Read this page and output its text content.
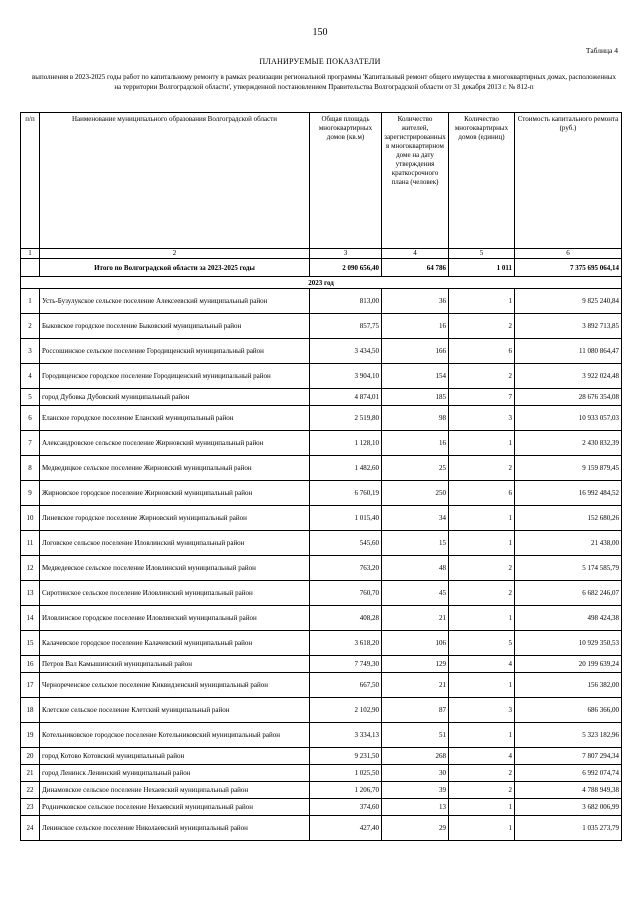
150
Таблица 4
ПЛАНИРУЕМЫЕ ПОКАЗАТЕЛИ
выполнения в 2023-2025 годы работ по капитальному ремонту в рамках реализации региональной программы 'Капитальный ремонт общего имущества в многоквартирных домах, расположенных на территории Волгоградской области', утвержденной постановлением Правительства Волгоградской области от 31 декабря 2013 г. № 812-п
п/п	Наименование муниципального образования Волгоградской области	Общая площадь многоквартирных домов (кв.м)	Количество жителей, зарегистрированных в многоквартирном доме на дату утверждения краткосрочного плана (человек)	Количество многоквартирных домов (единиц)	Стоимость капитального ремонта (руб.)
1	2	3	4	5	6
	Итого по Волгоградской области за 2023-2025 годы	2 090 656,40	64 786	1 011	7 375 695 064,14
2023 год					
1	Усть-Бузулукское сельское поселение Алексеевский муниципальный район	813,00	36	1	9 825 240,84
2	Быковское городское поселение Быковский муниципальный район	857,75	16	2	3 892 713,85
3	Россошинское сельское поселение Городищенский муниципальный район	3 434,50	166	6	11 080 864,47
4	Городищенское городское поселение Городищенский муниципальный район	3 904,10	154	2	3 922 024,48
5	город Дубовка Дубовский муниципальный район	4 874,01	185	7	28 676 354,08
6	Еланское городское поселение Еланский муниципальный район	2 519,80	98	3	10 933 057,03
7	Александровское сельское поселение Жирновский муниципальный район	1 128,10	16	1	2 430 832,39
8	Медведицкое сельское поселение Жирновский муниципальный район	1 482,60	25	2	9 159 879,45
9	Жирновское городское поселение Жирновский муниципальный район	6 760,19	250	6	16 992 484,52
10	Линевское городское поселение Жирновский муниципальный район	1 015,40	34	1	152 680,26
11	Логовское сельское поселение Иловлинский муниципальный район	545,60	15	1	21 438,00
12	Медведевское сельское поселение Иловлинский муниципальный район	763,20	48	2	5 174 585,79
13	Сиротинское сельское поселение Иловлинский муниципальный район	760,70	45	2	6 682 246,07
14	Иловлинское городское поселение Иловлинский муниципальный район	408,28	21	1	498 424,38
15	Калачевское городское поселение Калачевский муниципальный район	3 618,20	106	5	10 929 350,53
16	Петров Вал Камышинский муниципальный район	7 749,30	129	4	20 199 639,24
17	Чернореченское сельское поселение Киквидзенский муниципальный район	667,50	21	1	156 382,00
18	Клетское сельское поселение Клетский муниципальный район	2 102,90	87	3	686 366,00
19	Котельниковское городское поселение Котельниковский муниципальный район	3 334,13	51	1	5 323 182,96
20	город Котово Котовский муниципальный район	9 231,50	268	4	7 807 294,34
21	город Ленинск Ленинский муниципальный район	1 025,50	30	2	6 992 074,74
22	Динамовское сельское поселение Нехаевский муниципальный район	1 206,70	39	2	4 788 949,38
23	Родничковское сельское поселение Нехаевский муниципальный район	374,60	13	1	3 682 006,99
24	Ленинское сельское поселение Николаевский муниципальный район	427,40	29	1	1 035 273,79
